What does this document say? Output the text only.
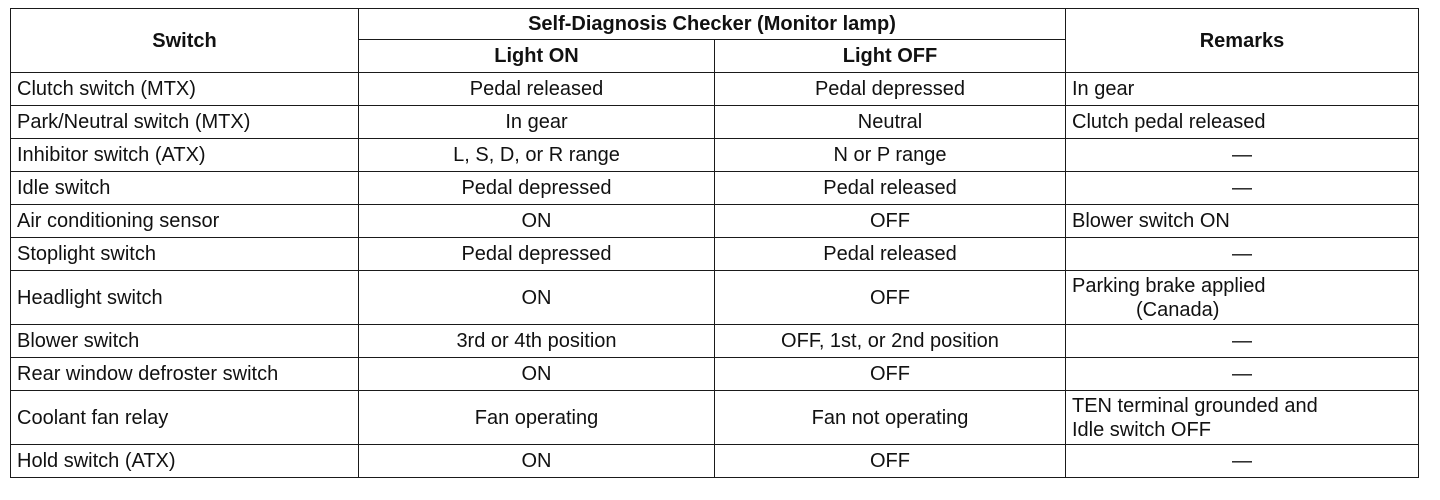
Switch	Self-Diagnosis Checker (Monitor lamp)		Remarks
	Light ON	Light OFF	
Clutch switch (MTX)	Pedal released	Pedal depressed	In gear
Park/Neutral switch (MTX)	In gear	Neutral	Clutch pedal released
Inhibitor switch (ATX)	L, S, D, or R range	N or P range	—
Idle switch	Pedal depressed	Pedal released	—
Air conditioning sensor	ON	OFF	Blower switch ON
Stoplight switch	Pedal depressed	Pedal released	—
Headlight switch	ON	OFF	Parking brake applied
(Canada)

Blower switch	3rd or 4th position	OFF, 1st, or 2nd position	—
Rear window defroster switch	ON	OFF	—
Coolant fan relay	Fan operating	Fan not operating	TEN terminal grounded and
Idle switch OFF
Hold switch (ATX)	ON	OFF	—
